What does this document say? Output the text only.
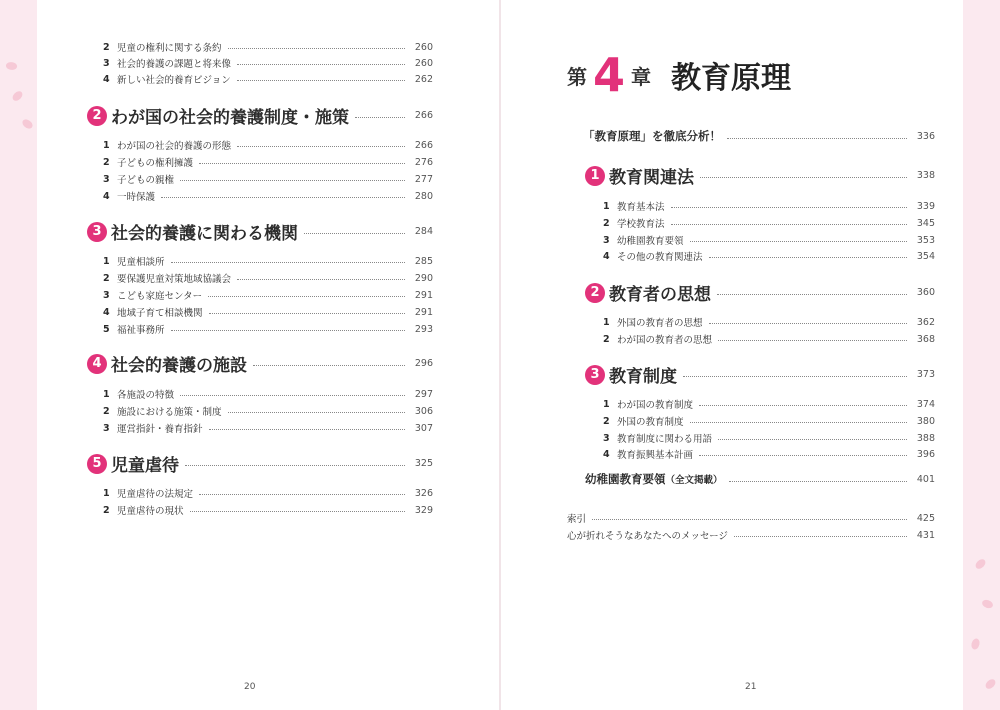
2 児童の権利に関する条約	260
3 社会的養護の課題と将来像	260
4 新しい社会的養育ビジョン	262
2 わが国の社会的養護制度・施策	266
1 わが国の社会的養護の形態	266
2 子どもの権利擁護	276
3 子どもの親権	277
4 一時保護	280
3 社会的養護に関わる機関	284
1 児童相談所	285
2 要保護児童対策地域協議会	290
3 こども家庭センター	291
4 地域子育て相談機関	291
5 福祉事務所	293
4 社会的養護の施設	296
1 各施設の特徴	297
2 施設における施策・制度	306
3 運営指針・養育指針	307
5 児童虐待	325
1 児童虐待の法規定	326
2 児童虐待の現状	329
20
第 4 章 教育原理
「教育原理」を徹底分析！	336
1 教育関連法	338
1 教育基本法	339
2 学校教育法	345
3 幼稚園教育要領	353
4 その他の教育関連法	354
2 教育者の思想	360
1 外国の教育者の思想	362
2 わが国の教育者の思想	368
3 教育制度	373
1 わが国の教育制度	374
2 外国の教育制度	380
3 教育制度に関わる用語	388
4 教育振興基本計画	396
幼稚園教育要領 （全文掲載）	401
索引	425
心が折れそうなあなたへのメッセージ	431
21
